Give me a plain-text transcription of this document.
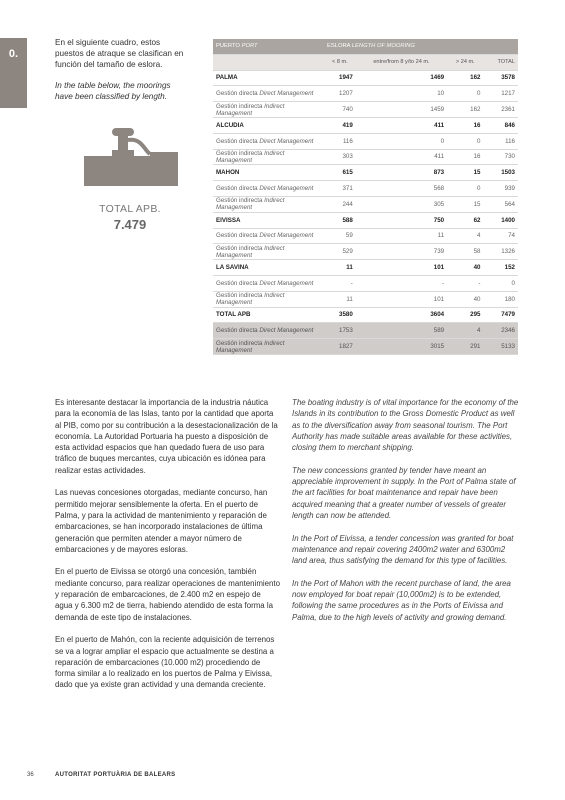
0.

En el siguiente cuadro, estos puestos de atraque se clasifican en función del tamaño de eslora.

In the table below, the moorings have been classified by length.

TOTAL APB.
7.479
PUERTO PORT	ESLORA LENGTH OF MOORING			
	< 8 m.	entre/from 8 y/to 24 m.	> 24 m.	TOTAL
PALMA	1947	1469	162	3578
Gestión directa Direct Management	1207	10	0	1217
Gestión indirecta Indirect Management	740	1459	162	2361
ALCUDIA	419	411	16	846
Gestión directa Direct Management	116	0	0	116
Gestión indirecta Indirect Management	303	411	16	730
MAHON	615	873	15	1503
Gestión directa Direct Management	371	568	0	939
Gestión indirecta Indirect Management	244	305	15	564
EIVISSA	588	750	62	1400
Gestión directa Direct Management	59	11	4	74
Gestión indirecta Indirect Management	529	739	58	1326
LA SAVINA	11	101	40	152
Gestión directa Direct Management	-	-	-	0
Gestión indirecta Indirect Management	11	101	40	180
TOTAL APB	3580	3604	295	7479
Gestión directa Direct Management	1753	589	4	2346
Gestión indirecta Indirect Management	1827	3015	291	5133

Es interesante destacar la importancia de la industria náutica para la economía de las Islas, tanto por la cantidad que aporta al PIB, como por su contribución a la desestacionalización de la economía. La Autoridad Portuaria ha puesto a disposición de esta actividad espacios que han quedado fuera de uso para tráfico de buques mercantes, cuya ubicación es idónea para realizar estas actividades.

Las nuevas concesiones otorgadas, mediante concurso, han permitido mejorar sensiblemente la oferta. En el puerto de Palma, y para la actividad de mantenimiento y reparación de embarcaciones, se han incorporado instalaciones de última generación que permiten atender a mayor número de embarcaciones y de mayores esloras.

En el puerto de Eivissa se otorgó una concesión, también mediante concurso, para realizar operaciones de mantenimiento y reparación de embarcaciones, de 2.400 m2 en espejo de agua y 6.300 m2 de tierra, habiendo atendido de esta forma la demanda de este tipo de instalaciones.

En el puerto de Mahón, con la reciente adquisición de terrenos se va a lograr ampliar el espacio que actualmente se destina a reparación de embarcaciones (10.000 m2) procediendo de forma similar a lo realizado en los puertos de Palma y Eivissa, dado que ya existe gran actividad y una demanda creciente.

The boating industry is of vital importance for the economy of the Islands in its contribution to the Gross Domestic Product as well as to the diversification away from seasonal tourism. The Port Authority has made suitable areas available for these activities, closing them to merchant shipping.

The new concessions granted by tender have meant an appreciable improvement in supply. In the Port of Palma state of the art facilities for boat maintenance and repair have been acquired meaning that a greater number of vessels of greater length can now be attended.

In the Port of Eivissa, a tender concession was granted for boat maintenance and repair covering 2400m2 water and 6300m2 land area, thus satisfying the demand for this type of facilities.

In the Port of Mahon with the recent purchase of land, the area now employed for boat repair (10,000m2) is to be extended, following the same procedures as in the Ports of Eivissa and Palma, due to the high levels of activity and growing demand.

36	AUTORITAT PORTUÀRIA DE BALEARS
